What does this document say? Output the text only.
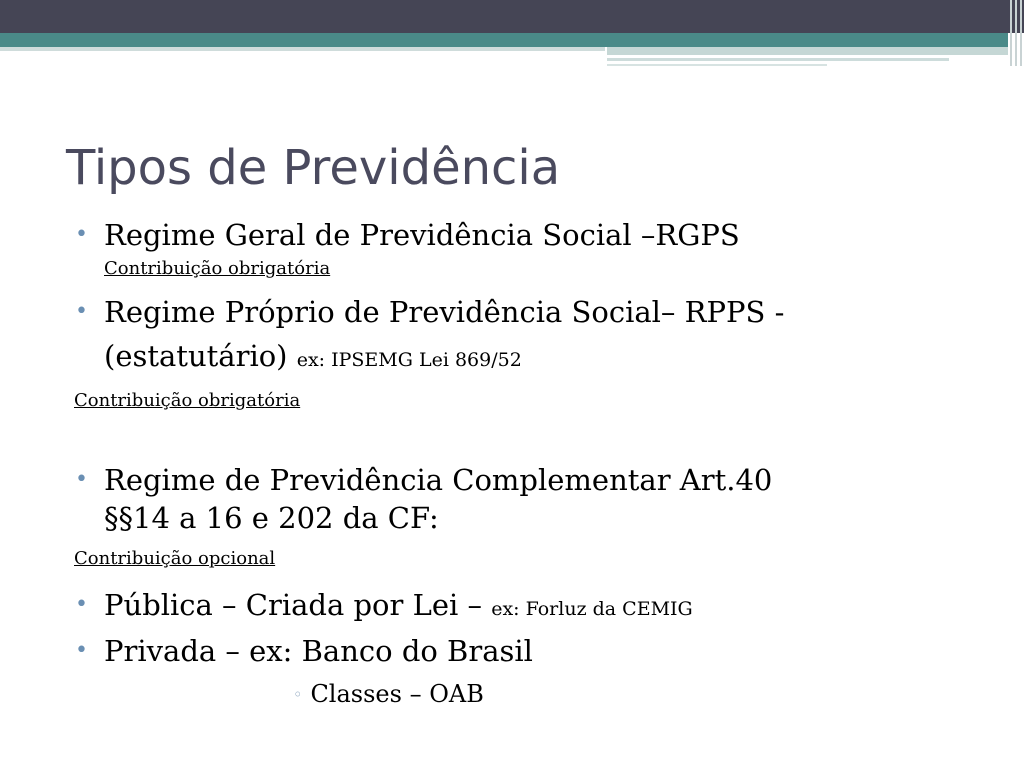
Tipos de Previdência
• Regime Geral de Previdência Social –RGPS
Contribuição obrigatória
• Regime Próprio de Previdência Social– RPPS -
(estatutário) ex: IPSEMG Lei 869/52
Contribuição obrigatória
• Regime de Previdência Complementar Art.40
§§14 a 16 e 202 da CF:
Contribuição opcional
• Pública – Criada por Lei – ex: Forluz da CEMIG
• Privada – ex: Banco do Brasil
◦ Classes – OAB
